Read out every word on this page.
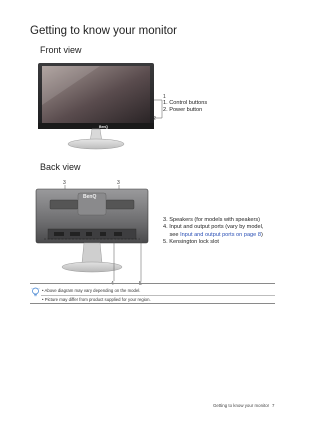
Getting to know your monitor
Front view
BenQ
1
2
1. Control buttons
2. Power button
Back view
3	3
BenQ
4	5
3. Speakers (for models with speakers)
4. Input and output ports (vary by model,
see Input and output ports on page 8)
5. Kensington lock slot
• Above diagram may vary depending on the model.
• Picture may differ from product supplied for your region.
Getting to know your monitor 7
